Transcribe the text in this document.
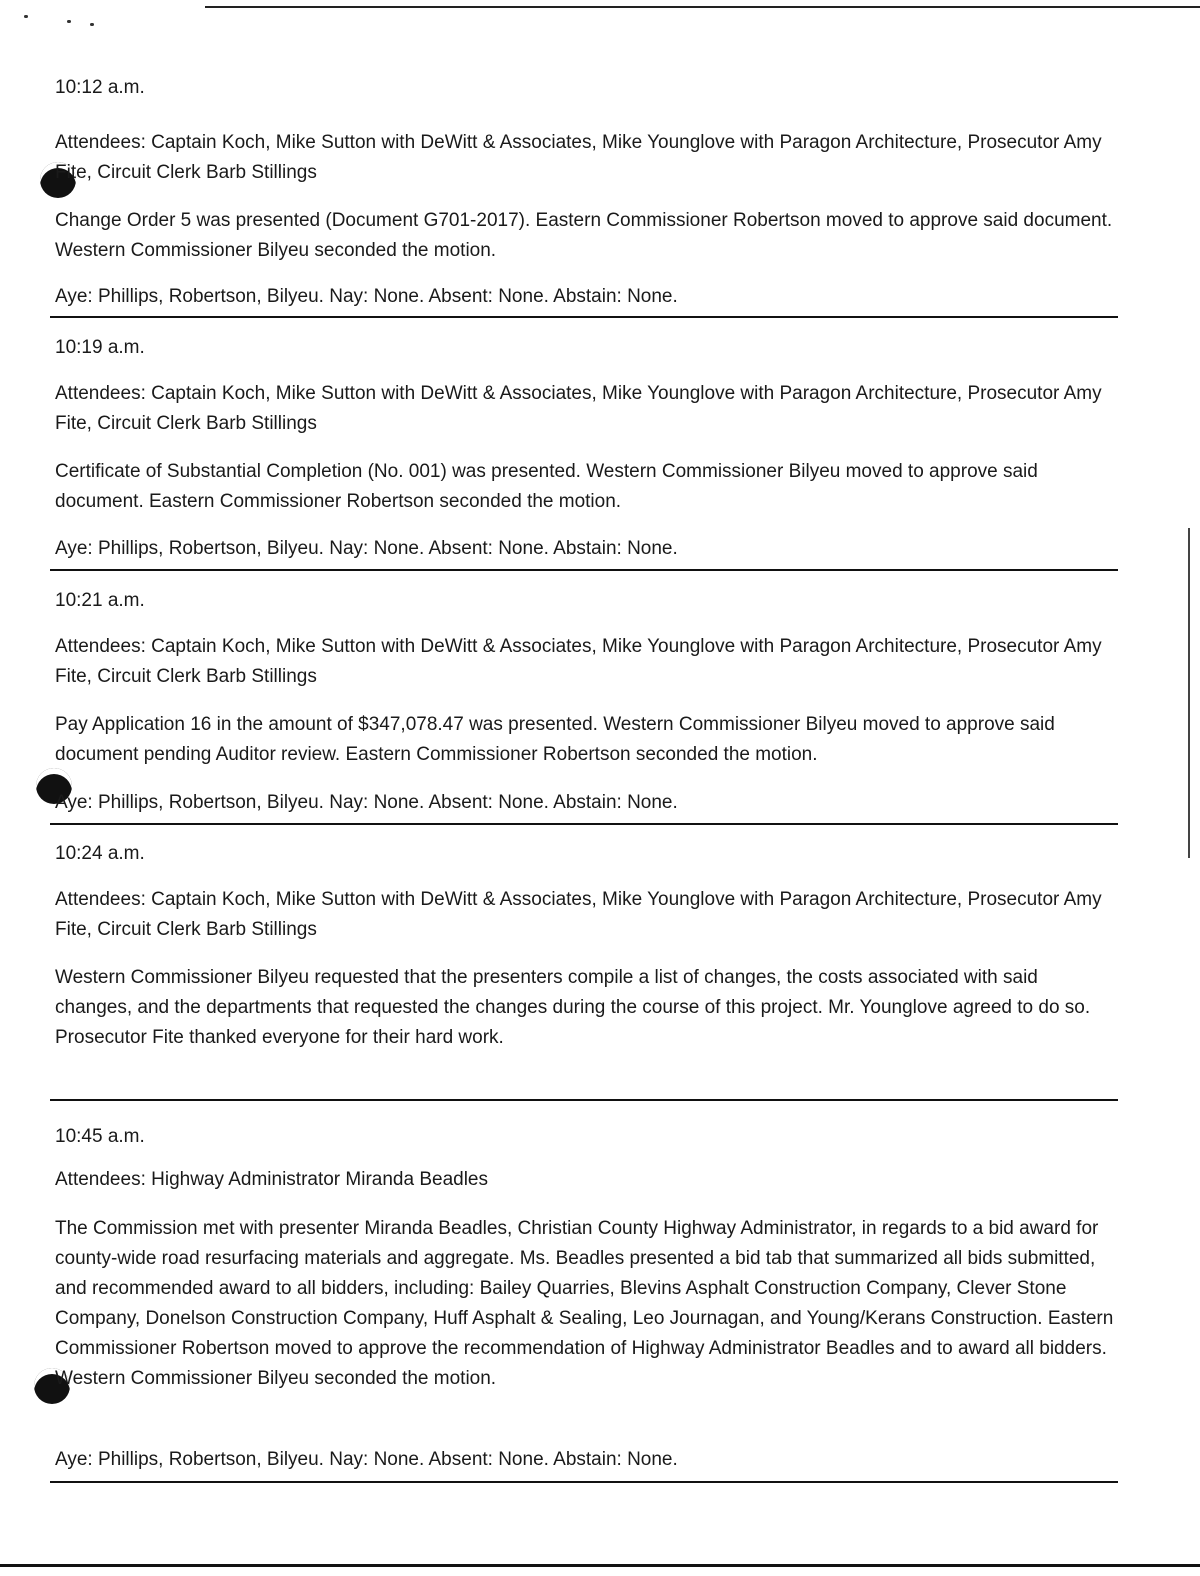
10:12 a.m.
Attendees: Captain Koch, Mike Sutton with DeWitt & Associates, Mike Younglove with Paragon Architecture, Prosecutor Amy Fite, Circuit Clerk Barb Stillings
Change Order 5 was presented (Document G701-2017). Eastern Commissioner Robertson moved to approve said document. Western Commissioner Bilyeu seconded the motion.
Aye: Phillips, Robertson, Bilyeu. Nay: None. Absent: None. Abstain: None.
10:19 a.m.
Attendees: Captain Koch, Mike Sutton with DeWitt & Associates, Mike Younglove with Paragon Architecture, Prosecutor Amy Fite, Circuit Clerk Barb Stillings
Certificate of Substantial Completion (No. 001) was presented. Western Commissioner Bilyeu moved to approve said document. Eastern Commissioner Robertson seconded the motion.
Aye: Phillips, Robertson, Bilyeu. Nay: None. Absent: None. Abstain: None.
10:21 a.m.
Attendees: Captain Koch, Mike Sutton with DeWitt & Associates, Mike Younglove with Paragon Architecture, Prosecutor Amy Fite, Circuit Clerk Barb Stillings
Pay Application 16 in the amount of $347,078.47 was presented. Western Commissioner Bilyeu moved to approve said document pending Auditor review. Eastern Commissioner Robertson seconded the motion.
Aye: Phillips, Robertson, Bilyeu. Nay: None. Absent: None. Abstain: None.
10:24 a.m.
Attendees: Captain Koch, Mike Sutton with DeWitt & Associates, Mike Younglove with Paragon Architecture, Prosecutor Amy Fite, Circuit Clerk Barb Stillings
Western Commissioner Bilyeu requested that the presenters compile a list of changes, the costs associated with said changes, and the departments that requested the changes during the course of this project. Mr. Younglove agreed to do so. Prosecutor Fite thanked everyone for their hard work.
10:45 a.m.
Attendees: Highway Administrator Miranda Beadles
The Commission met with presenter Miranda Beadles, Christian County Highway Administrator, in regards to a bid award for county-wide road resurfacing materials and aggregate. Ms. Beadles presented a bid tab that summarized all bids submitted, and recommended award to all bidders, including: Bailey Quarries, Blevins Asphalt Construction Company, Clever Stone Company, Donelson Construction Company, Huff Asphalt & Sealing, Leo Journagan, and Young/Kerans Construction. Eastern Commissioner Robertson moved to approve the recommendation of Highway Administrator Beadles and to award all bidders. Western Commissioner Bilyeu seconded the motion.
Aye: Phillips, Robertson, Bilyeu. Nay: None. Absent: None. Abstain: None.
